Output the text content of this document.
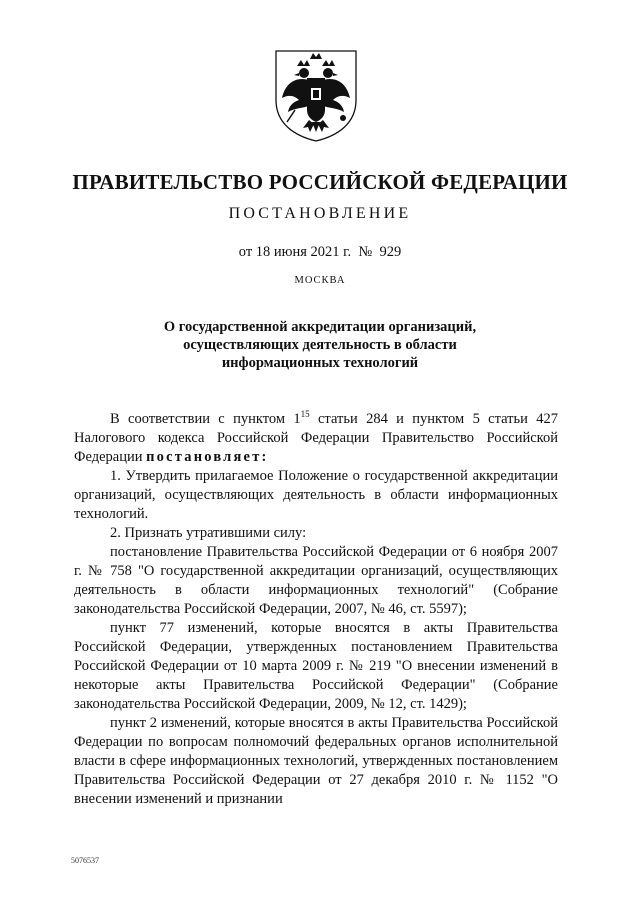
ПРАВИТЕЛЬСТВО РОССИЙСКОЙ ФЕДЕРАЦИИ
ПОСТАНОВЛЕНИЕ
от 18 июня 2021 г.  №  929
МОСКВА
О государственной аккредитации организаций,
осуществляющих деятельность в области
информационных технологий

В соответствии с пунктом $1^{15}$ статьи 284 и пунктом 5 статьи 427 Налогового кодекса Российской Федерации Правительство Российской Федерации постановляет:

1. Утвердить прилагаемое Положение о государственной аккредитации организаций, осуществляющих деятельность в области информационных технологий.

2. Признать утратившими силу:

постановление Правительства Российской Федерации от 6 ноября 2007 г. № 758 "О государственной аккредитации организаций, осуществляющих деятельность в области информационных технологий" (Собрание законодательства Российской Федерации, 2007, № 46, ст. 5597);

пункт 77 изменений, которые вносятся в акты Правительства Российской Федерации, утвержденных постановлением Правительства Российской Федерации от 10 марта 2009 г. № 219 "О внесении изменений в некоторые акты Правительства Российской Федерации" (Собрание законодательства Российской Федерации, 2009, № 12, ст. 1429);

пункт 2 изменений, которые вносятся в акты Правительства Российской Федерации по вопросам полномочий федеральных органов исполнительной власти в сфере информационных технологий, утвержденных постановлением Правительства Российской Федерации от 27 декабря 2010 г. № 1152 "О внесении изменений и признании

5076537
